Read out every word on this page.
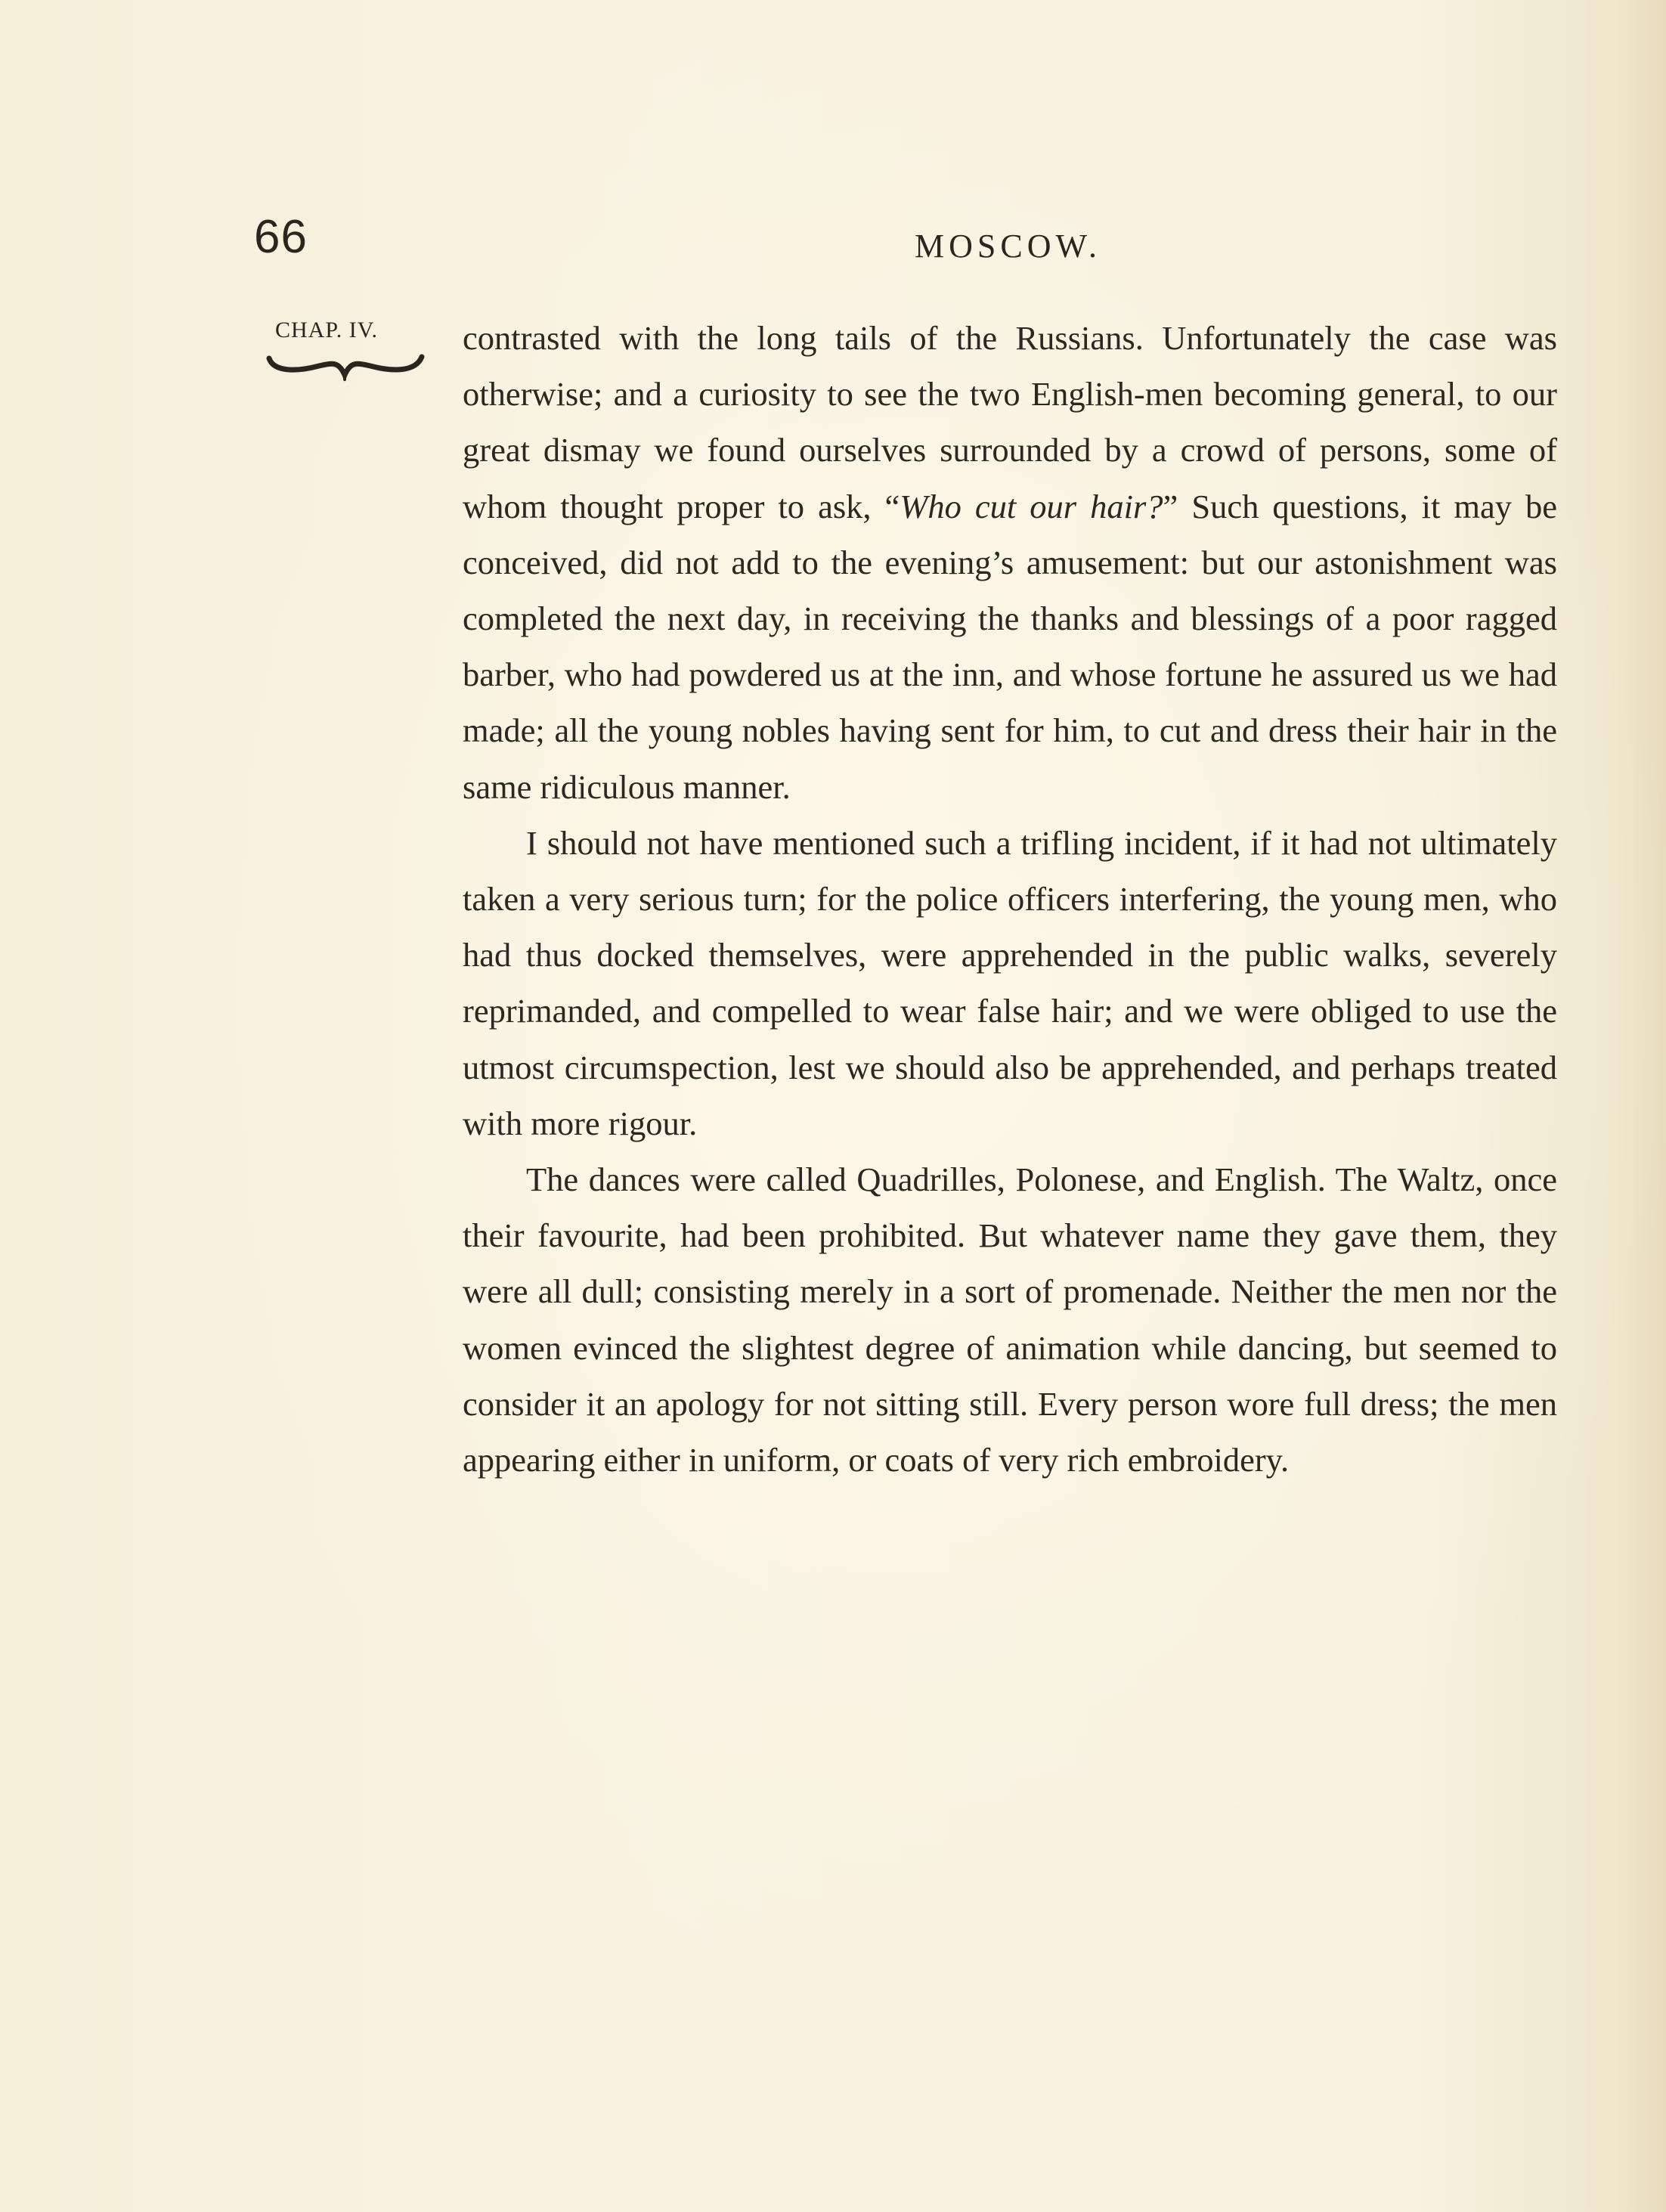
66	MOSCOW.
CHAP. IV.	contrasted with the long tails of the Russians. Unfortunately the case was otherwise; and a curiosity to see the two English-men becoming general, to our great dismay we found ourselves surrounded by a crowd of persons, some of whom thought proper to ask, “Who cut our hair?” Such questions, it may be conceived, did not add to the evening’s amusement: but our astonishment was completed the next day, in receiving the thanks and blessings of a poor ragged barber, who had powdered us at the inn, and whose fortune he assured us we had made; all the young nobles having sent for him, to cut and dress their hair in the same ridiculous manner.

I should not have mentioned such a trifling incident, if it had not ultimately taken a very serious turn; for the police officers interfering, the young men, who had thus docked themselves, were apprehended in the public walks, severely reprimanded, and compelled to wear false hair; and we were obliged to use the utmost circumspection, lest we should also be apprehended, and perhaps treated with more rigour.

The dances were called Quadrilles, Polonese, and English. The Waltz, once their favourite, had been prohibited. But whatever name they gave them, they were all dull; consisting merely in a sort of promenade. Neither the men nor the women evinced the slightest degree of animation while dancing, but seemed to consider it an apology for not sitting still. Every person wore full dress; the men appearing either in uniform, or coats of very rich embroidery.
